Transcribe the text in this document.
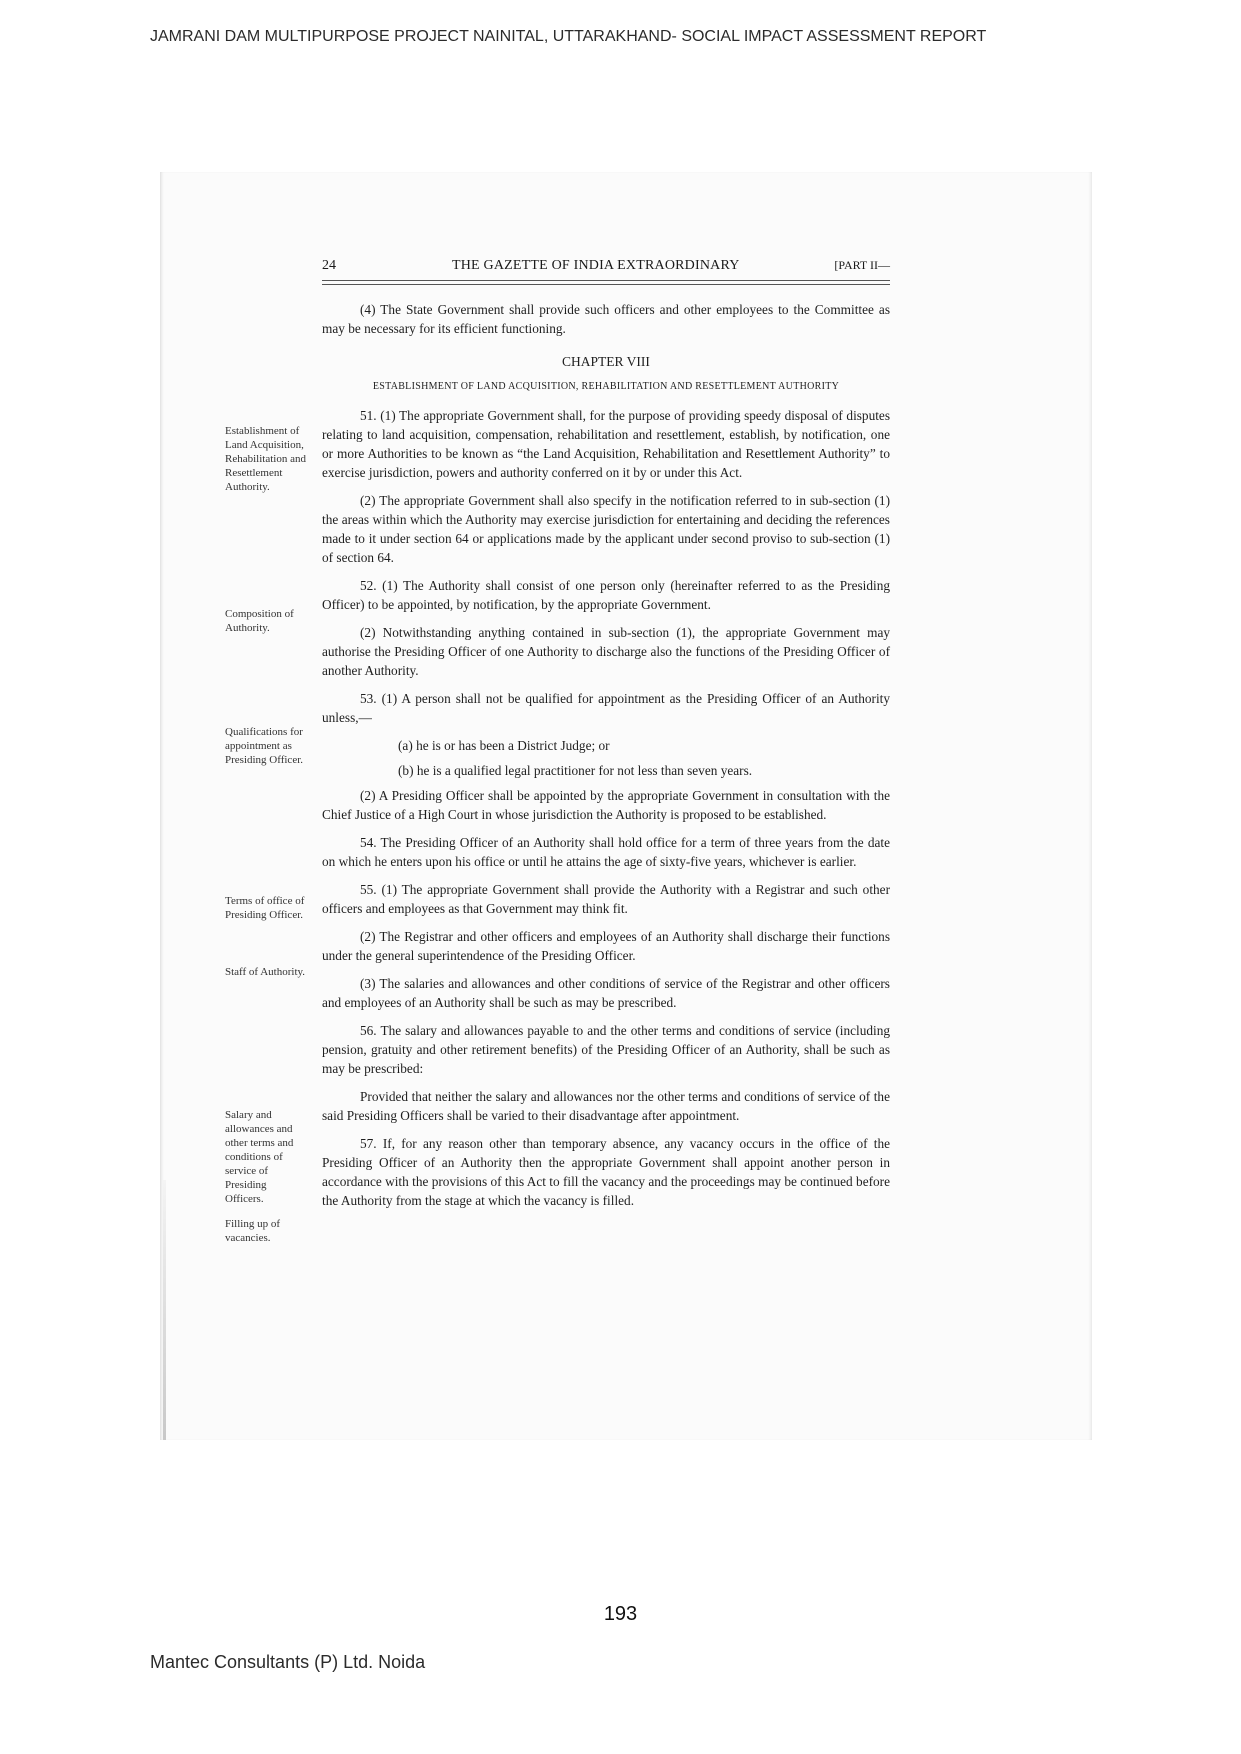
JAMRANI DAM MULTIPURPOSE PROJECT NAINITAL, UTTARAKHAND- SOCIAL IMPACT ASSESSMENT REPORT
24	THE GAZETTE OF INDIA EXTRAORDINARY	[PART II—
Establishment of Land Acquisition, Rehabilitation and Resettlement Authority.
Composition of Authority.
Qualifications for appointment as Presiding Officer.
Terms of office of Presiding Officer.
Staff of Authority.
Salary and allowances and other terms and conditions of service of Presiding Officers.
Filling up of vacancies.

(4) The State Government shall provide such officers and other employees to the Committee as may be necessary for its efficient functioning.

CHAPTER VIII
ESTABLISHMENT OF LAND ACQUISITION, REHABILITATION AND RESETTLEMENT AUTHORITY

51. (1) The appropriate Government shall, for the purpose of providing speedy disposal of disputes relating to land acquisition, compensation, rehabilitation and resettlement, establish, by notification, one or more Authorities to be known as “the Land Acquisition, Rehabilitation and Resettlement Authority” to exercise jurisdiction, powers and authority conferred on it by or under this Act.

(2) The appropriate Government shall also specify in the notification referred to in sub-section (1) the areas within which the Authority may exercise jurisdiction for entertaining and deciding the references made to it under section 64 or applications made by the applicant under second proviso to sub-section (1) of section 64.

52. (1) The Authority shall consist of one person only (hereinafter referred to as the Presiding Officer) to be appointed, by notification, by the appropriate Government.

(2) Notwithstanding anything contained in sub-section (1), the appropriate Government may authorise the Presiding Officer of one Authority to discharge also the functions of the Presiding Officer of another Authority.

53. (1) A person shall not be qualified for appointment as the Presiding Officer of an Authority unless,—

(a) he is or has been a District Judge; or

(b) he is a qualified legal practitioner for not less than seven years.

(2) A Presiding Officer shall be appointed by the appropriate Government in consultation with the Chief Justice of a High Court in whose jurisdiction the Authority is proposed to be established.

54. The Presiding Officer of an Authority shall hold office for a term of three years from the date on which he enters upon his office or until he attains the age of sixty-five years, whichever is earlier.

55. (1) The appropriate Government shall provide the Authority with a Registrar and such other officers and employees as that Government may think fit.

(2) The Registrar and other officers and employees of an Authority shall discharge their functions under the general superintendence of the Presiding Officer.

(3) The salaries and allowances and other conditions of service of the Registrar and other officers and employees of an Authority shall be such as may be prescribed.

56. The salary and allowances payable to and the other terms and conditions of service (including pension, gratuity and other retirement benefits) of the Presiding Officer of an Authority, shall be such as may be prescribed:

Provided that neither the salary and allowances nor the other terms and conditions of service of the said Presiding Officers shall be varied to their disadvantage after appointment.

57. If, for any reason other than temporary absence, any vacancy occurs in the office of the Presiding Officer of an Authority then the appropriate Government shall appoint another person in accordance with the provisions of this Act to fill the vacancy and the proceedings may be continued before the Authority from the stage at which the vacancy is filled.

193
Mantec Consultants (P) Ltd. Noida
